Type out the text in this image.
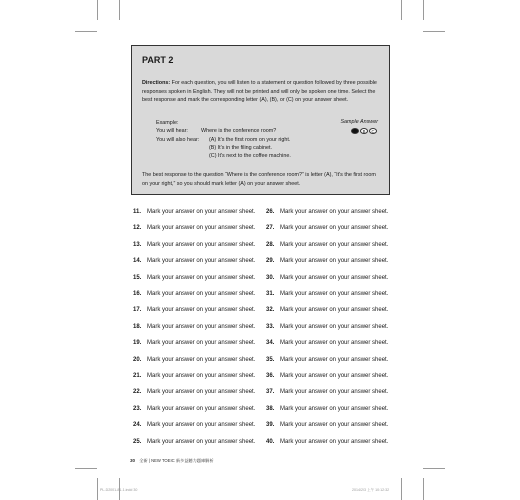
PART 2
Directions: For each question, you will listen to a statement or question followed by three possible responses spoken in English. They will not be printed and will only be spoken one time. Select the best response and mark the corresponding letter (A), (B), or (C) on your answer sheet.
Example:
You will hear: Where is the conference room?
You will also hear: (A) It's the first room on your right.
(B) It's in the filing cabinet.
(C) It's next to the coffee machine.
Sample Answer
B	C
The best response to the question “Where is the conference room?” is letter (A), “It's the first room on your right,” so you should mark letter (A) on your answer sheet.
11. Mark your answer on your answer sheet.
12. Mark your answer on your answer sheet.
13. Mark your answer on your answer sheet.
14. Mark your answer on your answer sheet.
15. Mark your answer on your answer sheet.
16. Mark your answer on your answer sheet.
17. Mark your answer on your answer sheet.
18. Mark your answer on your answer sheet.
19. Mark your answer on your answer sheet.
20. Mark your answer on your answer sheet.
21. Mark your answer on your answer sheet.
22. Mark your answer on your answer sheet.
23. Mark your answer on your answer sheet.
24. Mark your answer on your answer sheet.
25. Mark your answer on your answer sheet.
26. Mark your answer on your answer sheet.
27. Mark your answer on your answer sheet.
28. Mark your answer on your answer sheet.
29. Mark your answer on your answer sheet.
30. Mark your answer on your answer sheet.
31. Mark your answer on your answer sheet.
32. Mark your answer on your answer sheet.
33. Mark your answer on your answer sheet.
34. Mark your answer on your answer sheet.
35. Mark your answer on your answer sheet.
36. Mark your answer on your answer sheet.
37. Mark your answer on your answer sheet.
38. Mark your answer on your answer sheet.
39. Mark your answer on your answer sheet.
40. Mark your answer on your answer sheet.
30 全新 | NEW TOEIC 新多益聽力題庫解析
PL-D2001-81-1.indd 30	2014/2/3 上午 10:12:32
